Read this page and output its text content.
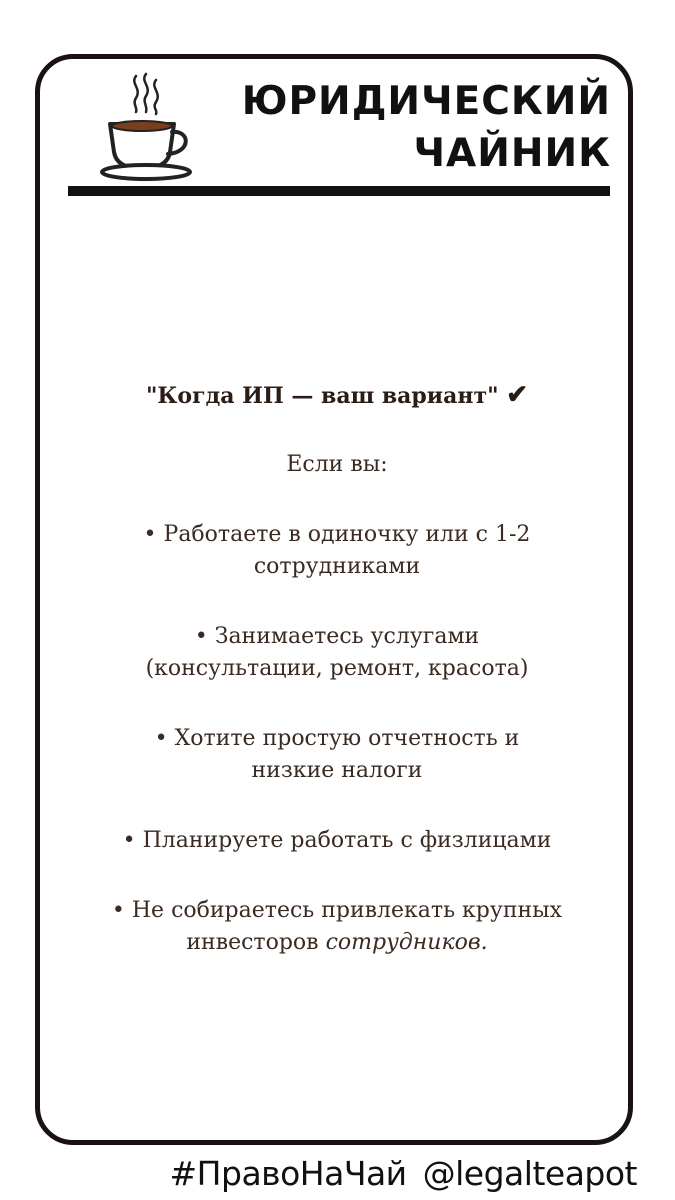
ЮРИДИЧЕСКИЙ
ЧАЙНИК
"Когда ИП — ваш вариант" ✔
Если вы:
• Работаете в одиночку или с 1-2
сотрудниками
• Занимаетесь услугами
(консультации, ремонт, красота)
• Хотите простую отчетность и
низкие налоги
• Планируете работать с физлицами
• Не собираетесь привлекать крупных
инвесторов сотрудников.
#ПравоНаЧай @legalteapot
